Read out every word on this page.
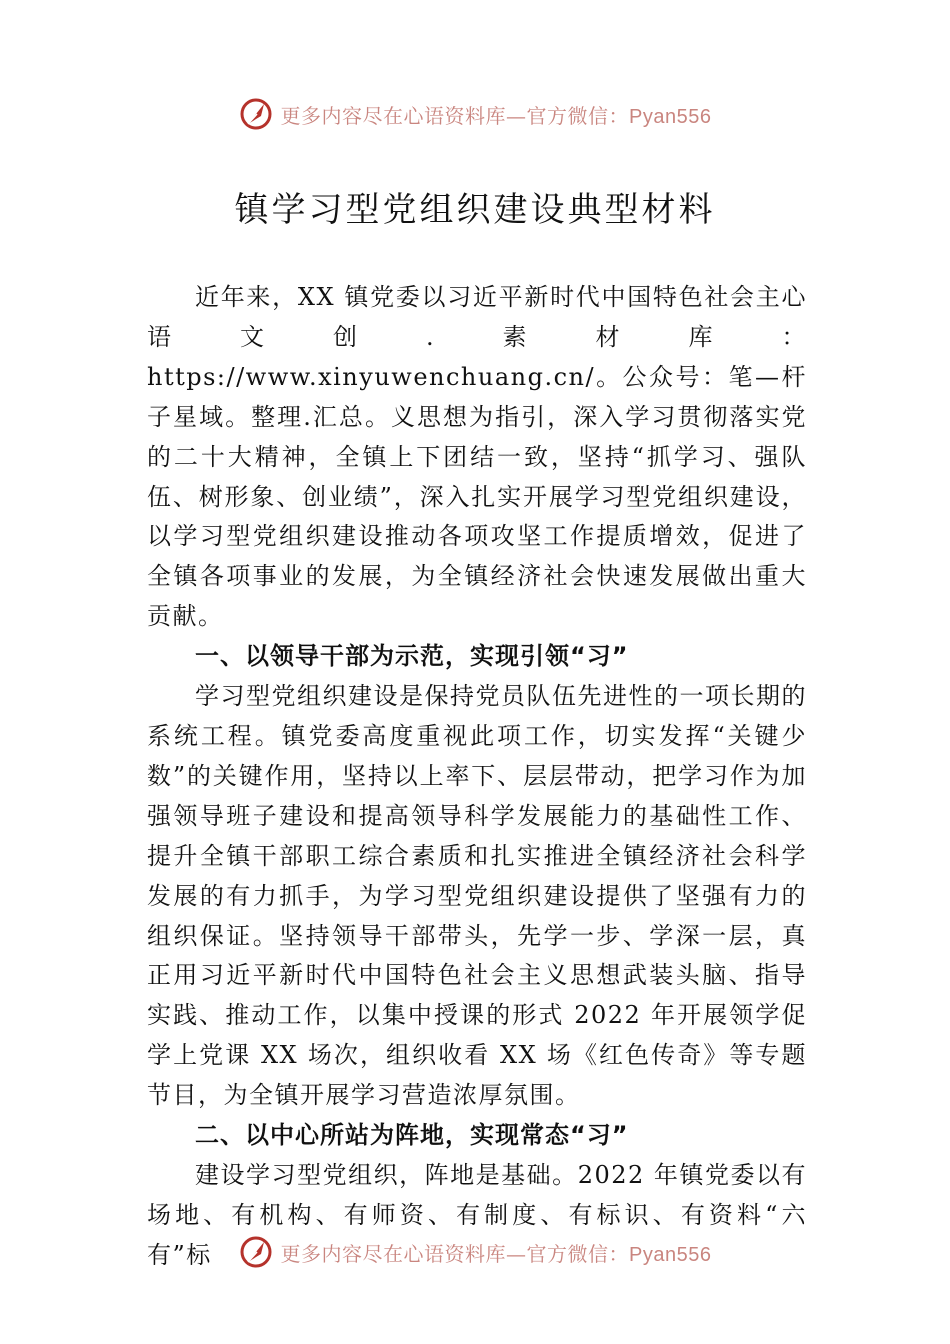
更多内容尽在心语资料库—官方微信：Pyan556
镇学习型党组织建设典型材料

近年来，XX 镇党委以习近平新时代中国特色社会主心语文创.素材库：https://www.xinyuwenchuang.cn/。公众号：笔—杆子星域。整理.汇总。义思想为指引，深入学习贯彻落实党的二十大精神，全镇上下团结一致，坚持“抓学习、强队伍、树形象、创业绩”，深入扎实开展学习型党组织建设，以学习型党组织建设推动各项攻坚工作提质增效，促进了全镇各项事业的发展，为全镇经济社会快速发展做出重大贡献。

一、以领导干部为示范，实现引领“习”

学习型党组织建设是保持党员队伍先进性的一项长期的系统工程。镇党委高度重视此项工作，切实发挥“关键少数”的关键作用，坚持以上率下、层层带动，把学习作为加强领导班子建设和提高领导科学发展能力的基础性工作、提升全镇干部职工综合素质和扎实推进全镇经济社会科学发展的有力抓手，为学习型党组织建设提供了坚强有力的组织保证。坚持领导干部带头，先学一步、学深一层，真正用习近平新时代中国特色社会主义思想武装头脑、指导实践、推动工作，以集中授课的形式 2022 年开展领学促学上党课 XX 场次，组织收看 XX 场《红色传奇》等专题节目，为全镇开展学习营造浓厚氛围。

二、以中心所站为阵地，实现常态“习”

建设学习型党组织，阵地是基础。2022 年镇党委以有场地、有机构、有师资、有制度、有标识、有资料“六有”标	更多内容尽在心语资料库—官方微信：Pyan556
